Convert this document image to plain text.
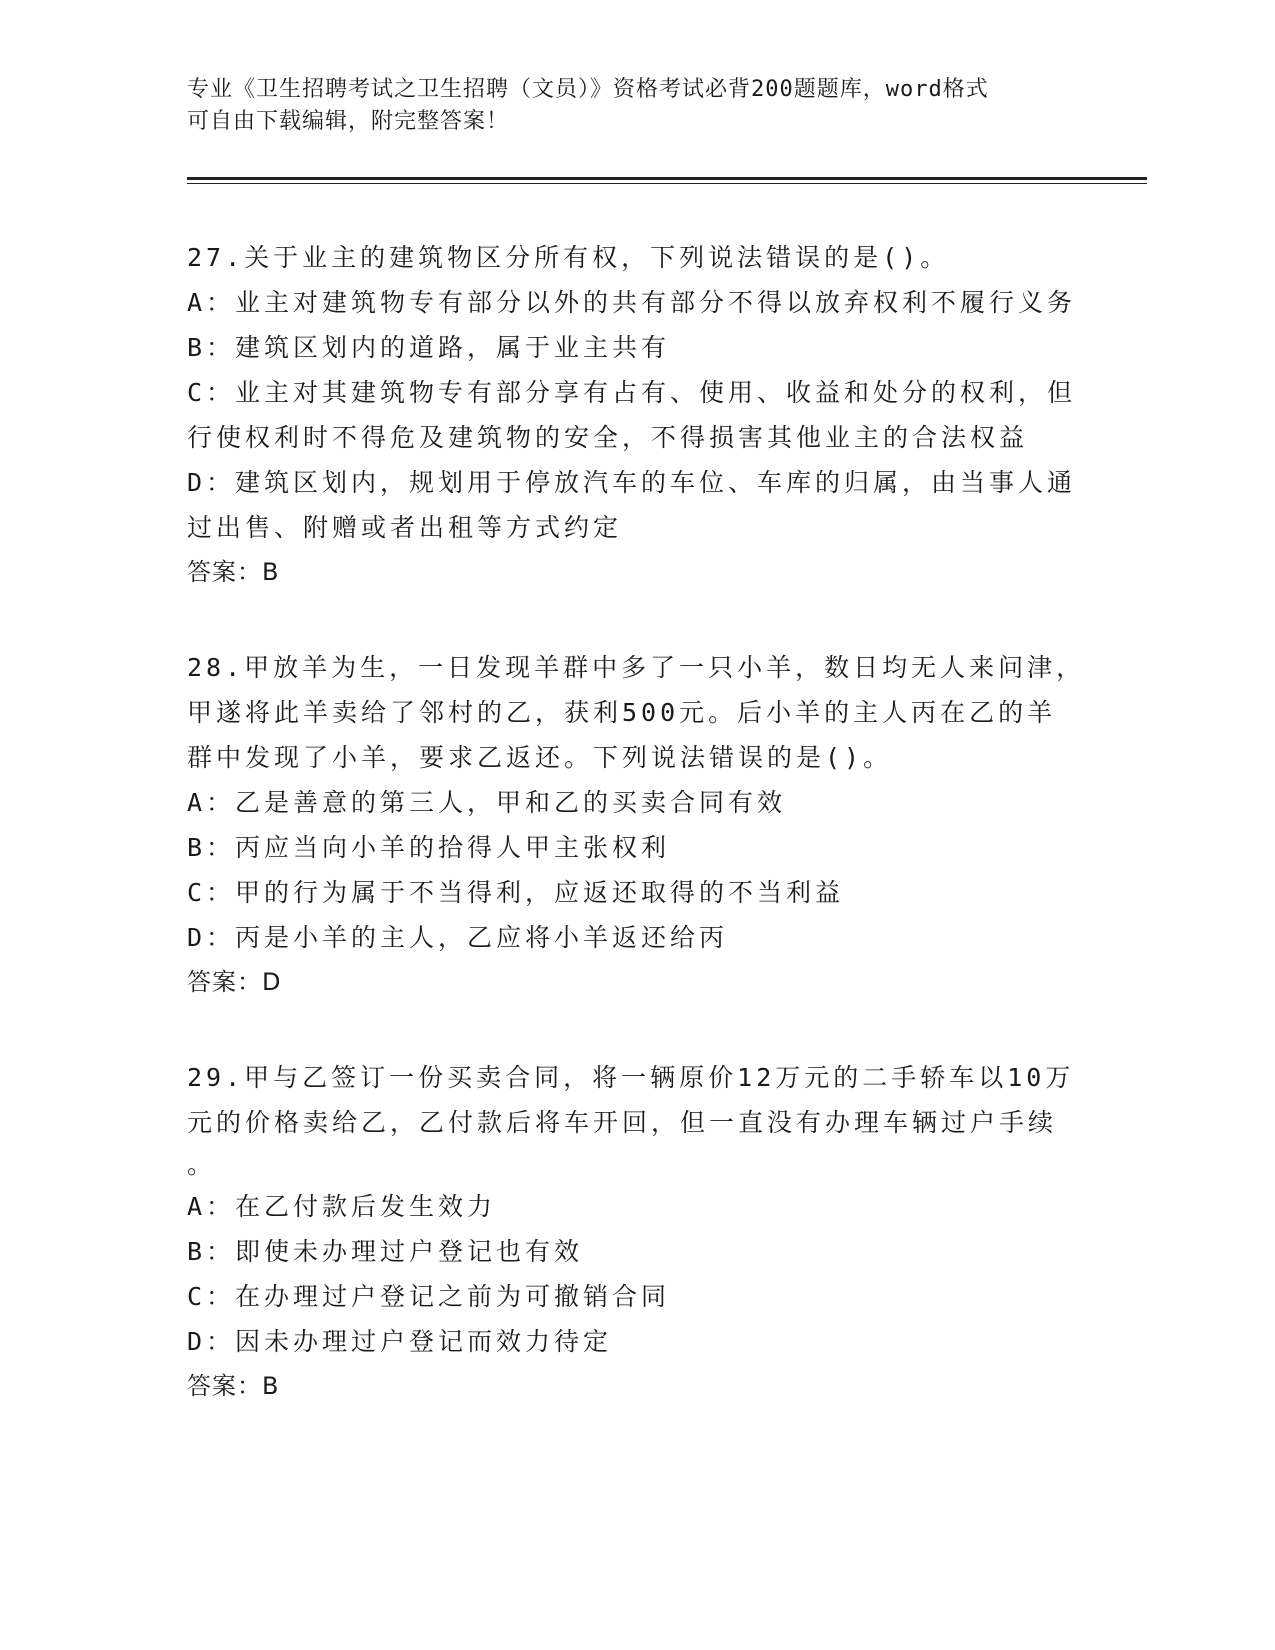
专业《卫生招聘考试之卫生招聘（文员）》资格考试必背200题题库，word格式
可自由下载编辑，附完整答案！
27.关于业主的建筑物区分所有权，下列说法错误的是()。
A：业主对建筑物专有部分以外的共有部分不得以放弃权利不履行义务
B：建筑区划内的道路，属于业主共有
C：业主对其建筑物专有部分享有占有、使用、收益和处分的权利，但
行使权利时不得危及建筑物的安全，不得损害其他业主的合法权益
D：建筑区划内，规划用于停放汽车的车位、车库的归属，由当事人通
过出售、附赠或者出租等方式约定
答案：B
28.甲放羊为生，一日发现羊群中多了一只小羊，数日均无人来问津，
甲遂将此羊卖给了邻村的乙，获利500元。后小羊的主人丙在乙的羊
群中发现了小羊，要求乙返还。下列说法错误的是()。
A：乙是善意的第三人，甲和乙的买卖合同有效
B：丙应当向小羊的拾得人甲主张权利
C：甲的行为属于不当得利，应返还取得的不当利益
D：丙是小羊的主人，乙应将小羊返还给丙
答案：D
29.甲与乙签订一份买卖合同，将一辆原价12万元的二手轿车以10万
元的价格卖给乙，乙付款后将车开回，但一直没有办理车辆过户手续
。
A：在乙付款后发生效力
B：即使未办理过户登记也有效
C：在办理过户登记之前为可撤销合同
D：因未办理过户登记而效力待定
答案：B
